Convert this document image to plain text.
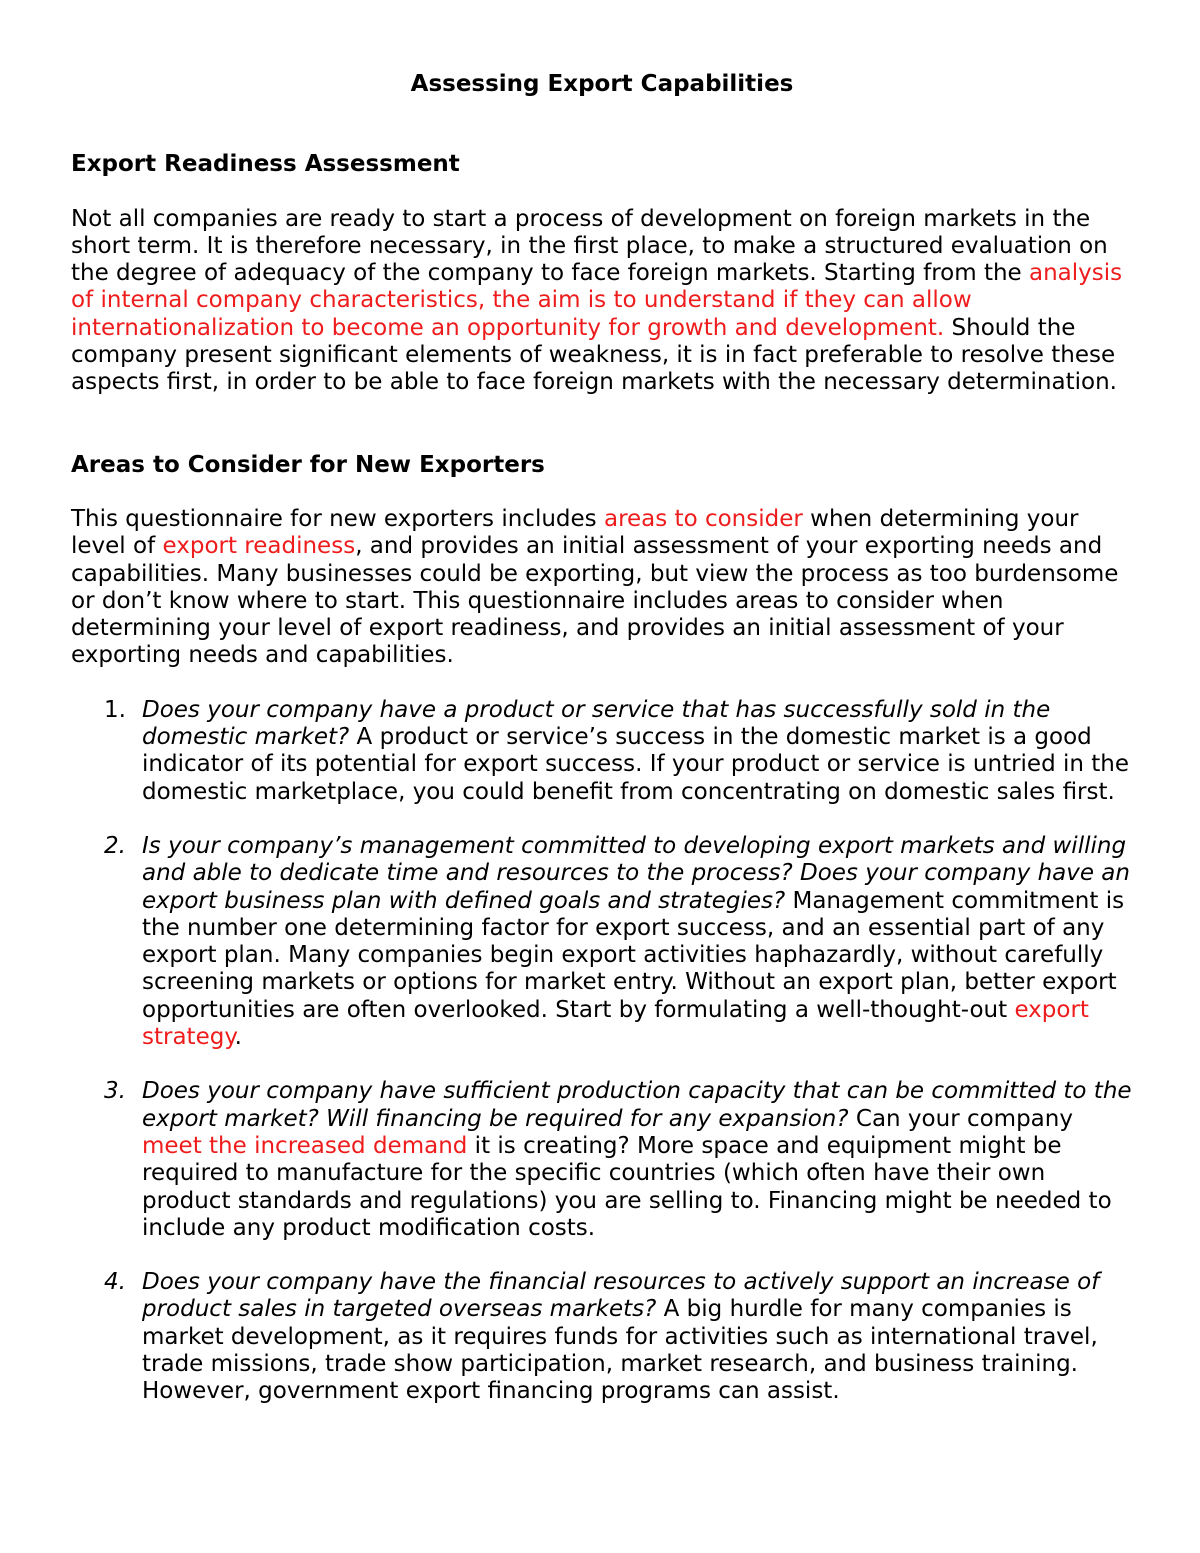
Assessing Export Capabilities
Export Readiness Assessment

Not all companies are ready to start a process of development on foreign markets in the short term. It is therefore necessary, in the first place, to make a structured evaluation on the degree of adequacy of the company to face foreign markets. Starting from the analysis of internal company characteristics, the aim is to understand if they can allow internationalization to become an opportunity for growth and development. Should the company present significant elements of weakness, it is in fact preferable to resolve these aspects first, in order to be able to face foreign markets with the necessary determination.

Areas to Consider for New Exporters

This questionnaire for new exporters includes areas to consider when determining your level of export readiness, and provides an initial assessment of your exporting needs and capabilities. Many businesses could be exporting, but view the process as too burdensome or don’t know where to start. This questionnaire includes areas to consider when determining your level of export readiness, and provides an initial assessment of your exporting needs and capabilities.

1. Does your company have a product or service that has successfully sold in the domestic market? A product or service’s success in the domestic market is a good indicator of its potential for export success. If your product or service is untried in the domestic marketplace, you could benefit from concentrating on domestic sales first.
2. Is your company’s management committed to developing export markets and willing and able to dedicate time and resources to the process? Does your company have an export business plan with defined goals and strategies? Management commitment is the number one determining factor for export success, and an essential part of any export plan. Many companies begin export activities haphazardly, without carefully screening markets or options for market entry. Without an export plan, better export opportunities are often overlooked. Start by formulating a well-thought-out export strategy.
3. Does your company have sufficient production capacity that can be committed to the export market? Will financing be required for any expansion? Can your company meet the increased demand it is creating? More space and equipment might be required to manufacture for the specific countries (which often have their own product standards and regulations) you are selling to. Financing might be needed to include any product modification costs.
4. Does your company have the financial resources to actively support an increase of product sales in targeted overseas markets? A big hurdle for many companies is market development, as it requires funds for activities such as international travel, trade missions, trade show participation, market research, and business training. However, government export financing programs can assist.
